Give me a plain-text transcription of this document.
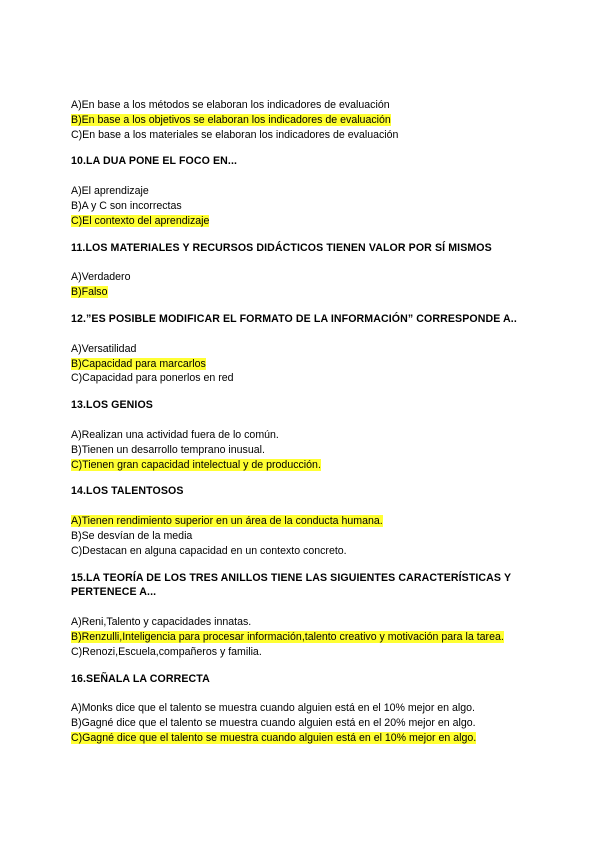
A)En base a los métodos se elaboran los indicadores de evaluación
B)En base a los objetivos se elaboran los indicadores de evaluación
C)En base a los materiales se elaboran los indicadores de evaluación
10.LA DUA PONE EL FOCO EN...
A)El aprendizaje
B)A y C son incorrectas
C)El contexto del aprendizaje
11.LOS MATERIALES Y RECURSOS DIDÁCTICOS TIENEN VALOR POR SÍ MISMOS
A)Verdadero
B)Falso
12.”ES POSIBLE MODIFICAR EL FORMATO DE LA INFORMACIÓN” CORRESPONDE A..
A)Versatilidad
B)Capacidad para marcarlos
C)Capacidad para ponerlos en red
13.LOS GENIOS
A)Realizan una actividad fuera de lo común.
B)Tienen un desarrollo temprano inusual.
C)Tienen gran capacidad intelectual y de producción.
14.LOS TALENTOSOS
A)Tienen rendimiento superior en un área de la conducta humana.
B)Se desvían de la media
C)Destacan en alguna capacidad en un contexto concreto.
15.LA TEORÍA DE LOS TRES ANILLOS TIENE LAS SIGUIENTES CARACTERÍSTICAS Y PERTENECE A...
A)Reni,Talento y capacidades innatas.
B)Renzulli,Inteligencia para procesar información,talento creativo y motivación para la tarea.
C)Renozi,Escuela,compañeros y familia.
16.SEÑALA LA CORRECTA
A)Monks dice que el talento se muestra cuando alguien está en el 10% mejor en algo.
B)Gagné dice que el talento se muestra cuando alguien está en el 20% mejor en algo.
C)Gagné dice que el talento se muestra cuando alguien está en el 10% mejor en algo.
